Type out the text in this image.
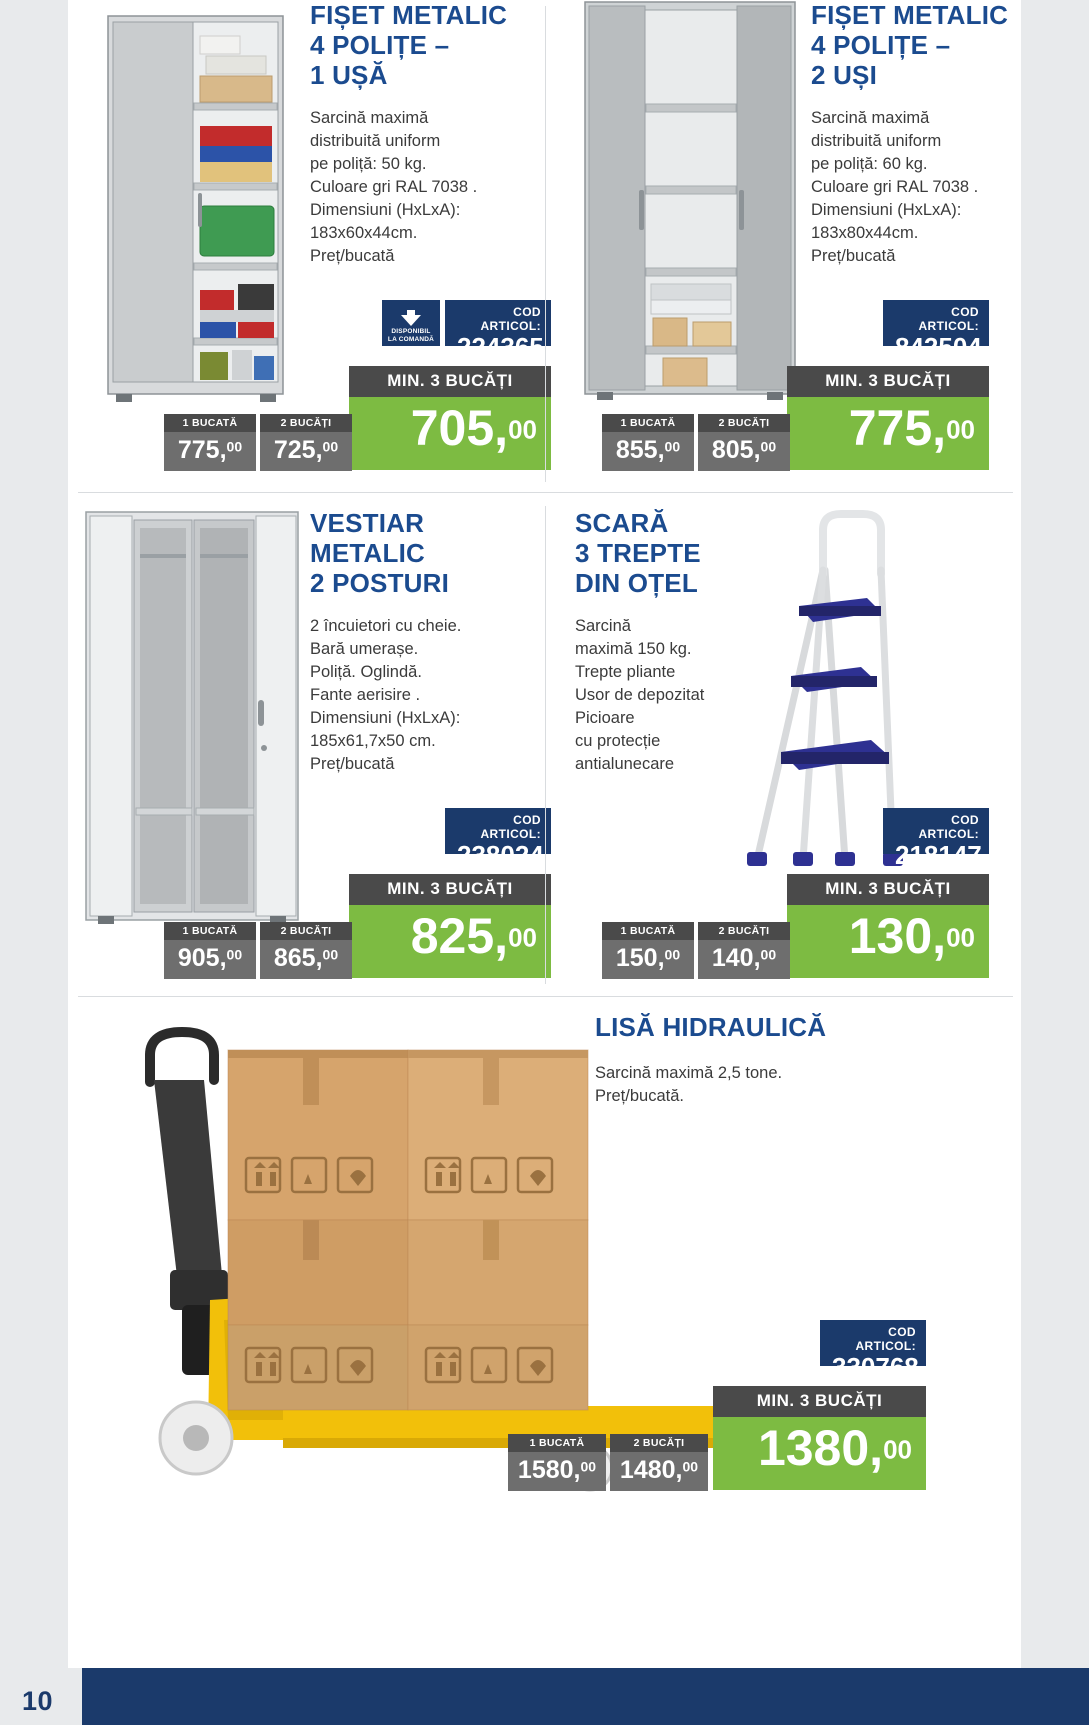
FIȘET METALIC
4 POLIȚE –
1 UȘĂ
Sarcină maximă
distribuită uniform
pe poliță: 50 kg.
Culoare gri RAL 7038 .
Dimensiuni (HxLxA):
183x60x44cm.
Preț/bucată
DISPONIBIL
LA COMANDĂ
COD ARTICOL:
224365
MIN. 3 BUCĂȚI
705,00
1 BUCATĂ
775,00
2 BUCĂȚI
725,00
FIȘET METALIC
4 POLIȚE –
2 UȘI
Sarcină maximă
distribuită uniform
pe poliță: 60 kg.
Culoare gri RAL 7038 .
Dimensiuni (HxLxA):
183x80x44cm.
Preț/bucată
COD ARTICOL:
842504
MIN. 3 BUCĂȚI
775,00
1 BUCATĂ
855,00
2 BUCĂȚI
805,00
VESTIAR
METALIC
2 POSTURI
2 încuietori cu cheie.
Bară umerașe.
Poliță. Oglindă.
Fante aerisire .
Dimensiuni (HxLxA):
185x61,7x50 cm.
Preț/bucată
COD ARTICOL:
238024
MIN. 3 BUCĂȚI
825,00
1 BUCATĂ
905,00
2 BUCĂȚI
865,00
SCARĂ
3 TREPTE
DIN OȚEL
Sarcină
maximă 150 kg.
Trepte pliante
Usor de depozitat
Picioare
cu protecție
antialunecare
COD ARTICOL:
218147
MIN. 3 BUCĂȚI
130,00
1 BUCATĂ
150,00
2 BUCĂȚI
140,00
LISĂ HIDRAULICĂ
Sarcină maximă 2,5 tone.
Preț/bucată.
COD ARTICOL:
330768
MIN. 3 BUCĂȚI
1380,00
1 BUCATĂ
1580,00
2 BUCĂȚI
1480,00
10
